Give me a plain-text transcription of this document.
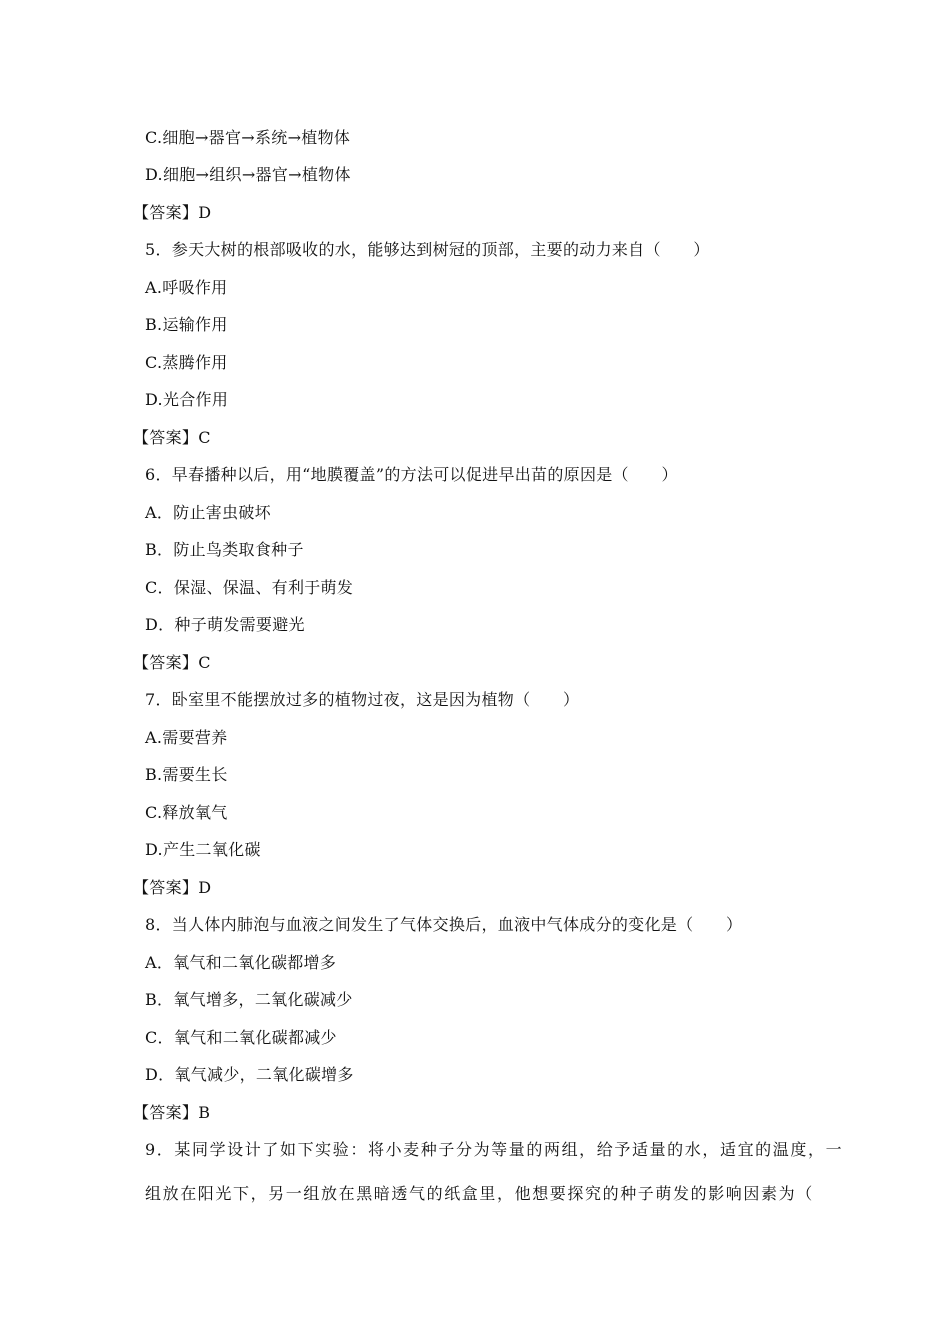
C.细胞→器官→系统→植物体
D.细胞→组织→器官→植物体
【答案】D
5．参天大树的根部吸收的水，能够达到树冠的顶部，主要的动力来自（　　）
A.呼吸作用
B.运输作用
C.蒸腾作用
D.光合作用
【答案】C
6．早春播种以后，用“地膜覆盖”的方法可以促进早出苗的原因是（　　）
A．防止害虫破坏
B．防止鸟类取食种子
C．保湿、保温、有利于萌发
D．种子萌发需要避光
【答案】C
7．卧室里不能摆放过多的植物过夜，这是因为植物（　　）
A.需要营养
B.需要生长
C.释放氧气
D.产生二氧化碳
【答案】D
8．当人体内肺泡与血液之间发生了气体交换后，血液中气体成分的变化是（　　）
A．氧气和二氧化碳都增多
B．氧气增多，二氧化碳减少
C．氧气和二氧化碳都减少
D．氧气减少，二氧化碳增多
【答案】B
9．某同学设计了如下实验：将小麦种子分为等量的两组，给予适量的水，适宜的温度，一
组放在阳光下，另一组放在黑暗透气的纸盒里，他想要探究的种子萌发的影响因素为（
